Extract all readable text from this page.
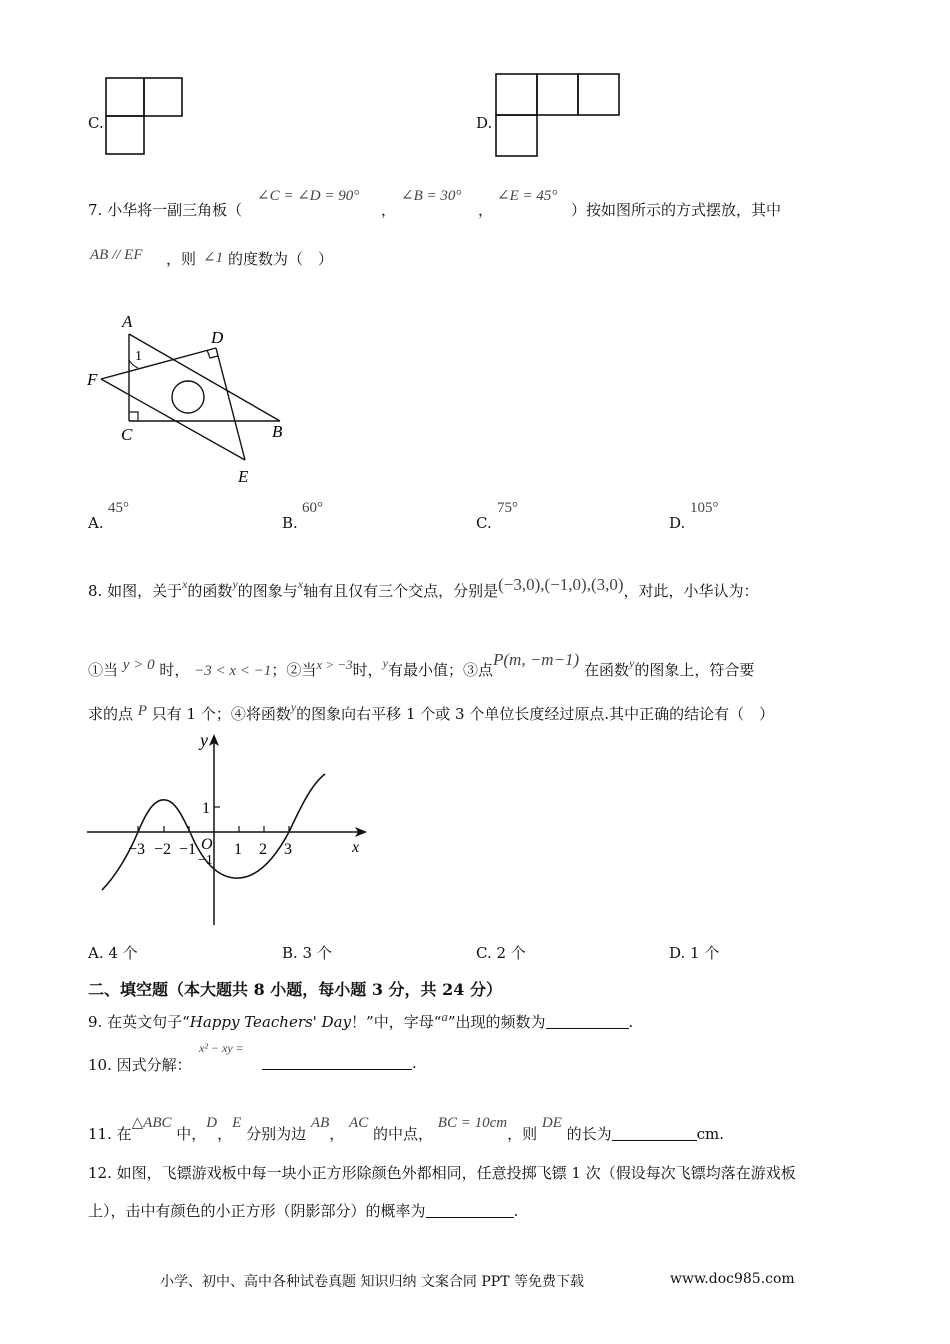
C.	D.
7. 小华将一副三角板（
∠C = ∠D = 90°
，
∠B = 30°
，
∠E = 45°
）按如图所示的方式摆放，其中
AB // EF ，则 ∠1 的度数为（　）
A
D
F
C	B
E
1
A.
45°
B.
60°
C.
75°
D.
105°
8. 如图，关于$^x$的函数$^y$的图象与$^x$轴有且仅有三个交点，分别是(−3,0),(−1,0),(3,0)，对此，小华认为：
①当 y > 0 时， −3 < x < −1；②当x > −3时，$^y$有最小值；③点P(m, −m−1) 在函数$^y$的图象上，符合要
求的点 P 只有 1 个；④将函数$^y$的图象向右平移 1 个或 3 个单位长度经过原点.其中正确的结论有（　）
y
x
O
1
−1
−3 −2 −1 1 2 3
A. 4 个	B. 3 个	C. 2 个	D. 1 个
二、填空题（本大题共 8 小题，每小题 3 分，共 24 分）
9. 在英文句子“Happy Teachers' Day！”中，字母“a”出现的频数为	.
10. 因式分解：
x² − xy =
.
11. 在△ABC 中，D，E 分别为边 AB， AC 的中点， BC = 10cm，则 DE 的长为	cm.
12. 如图，飞镖游戏板中每一块小正方形除颜色外都相同，任意投掷飞镖 1 次（假设每次飞镖均落在游戏板
上），击中有颜色的小正方形（阴影部分）的概率为	.
小学、初中、高中各种试卷真题 知识归纳 文案合同 PPT 等免费下载	www.doc985.com
